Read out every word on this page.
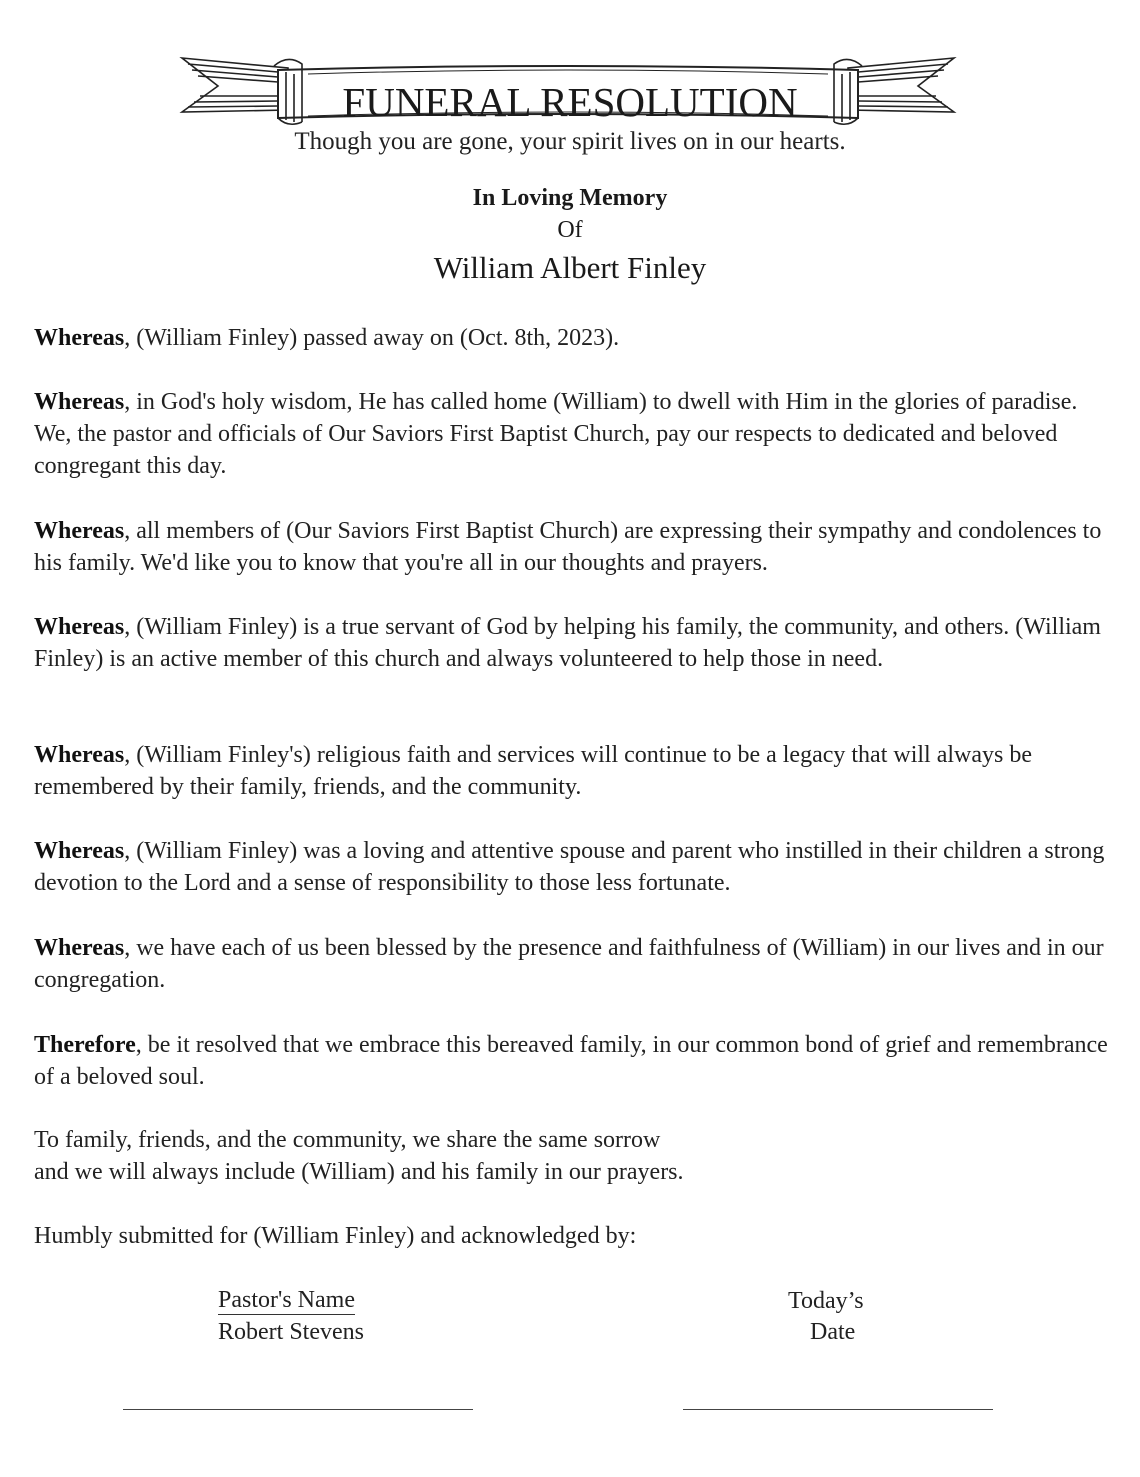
FUNERAL RESOLUTION
Though you are gone, your spirit lives on in our hearts.
In Loving Memory
Of
William Albert Finley
Whereas, (William Finley) passed away on (Oct. 8th, 2023).
Whereas, in God's holy wisdom, He has called home (William) to dwell with Him in the glories of paradise. We, the pastor and officials of Our Saviors First Baptist Church, pay our respects to dedicated and beloved congregant this day.
Whereas, all members of (Our Saviors First Baptist Church) are expressing their sympathy and condolences to his family. We'd like you to know that you're all in our thoughts and prayers.
Whereas, (William Finley) is a true servant of God by helping his family, the community, and others. (William Finley) is an active member of this church and always volunteered to help those in need.
Whereas, (William Finley's) religious faith and services will continue to be a legacy that will always be remembered by their family, friends, and the community.
Whereas, (William Finley) was a loving and attentive spouse and parent who instilled in their children a strong devotion to the Lord and a sense of responsibility to those less fortunate.
Whereas, we have each of us been blessed by the presence and faithfulness of (William) in our lives and in our congregation.
Therefore, be it resolved that we embrace this bereaved family, in our common bond of grief and remembrance of a beloved soul.
To family, friends, and the community, we share the same sorrow
and we will always include (William) and his family in our prayers.
Humbly submitted for (William Finley) and acknowledged by:
Pastor's Name
Robert Stevens
Today’s
Date
